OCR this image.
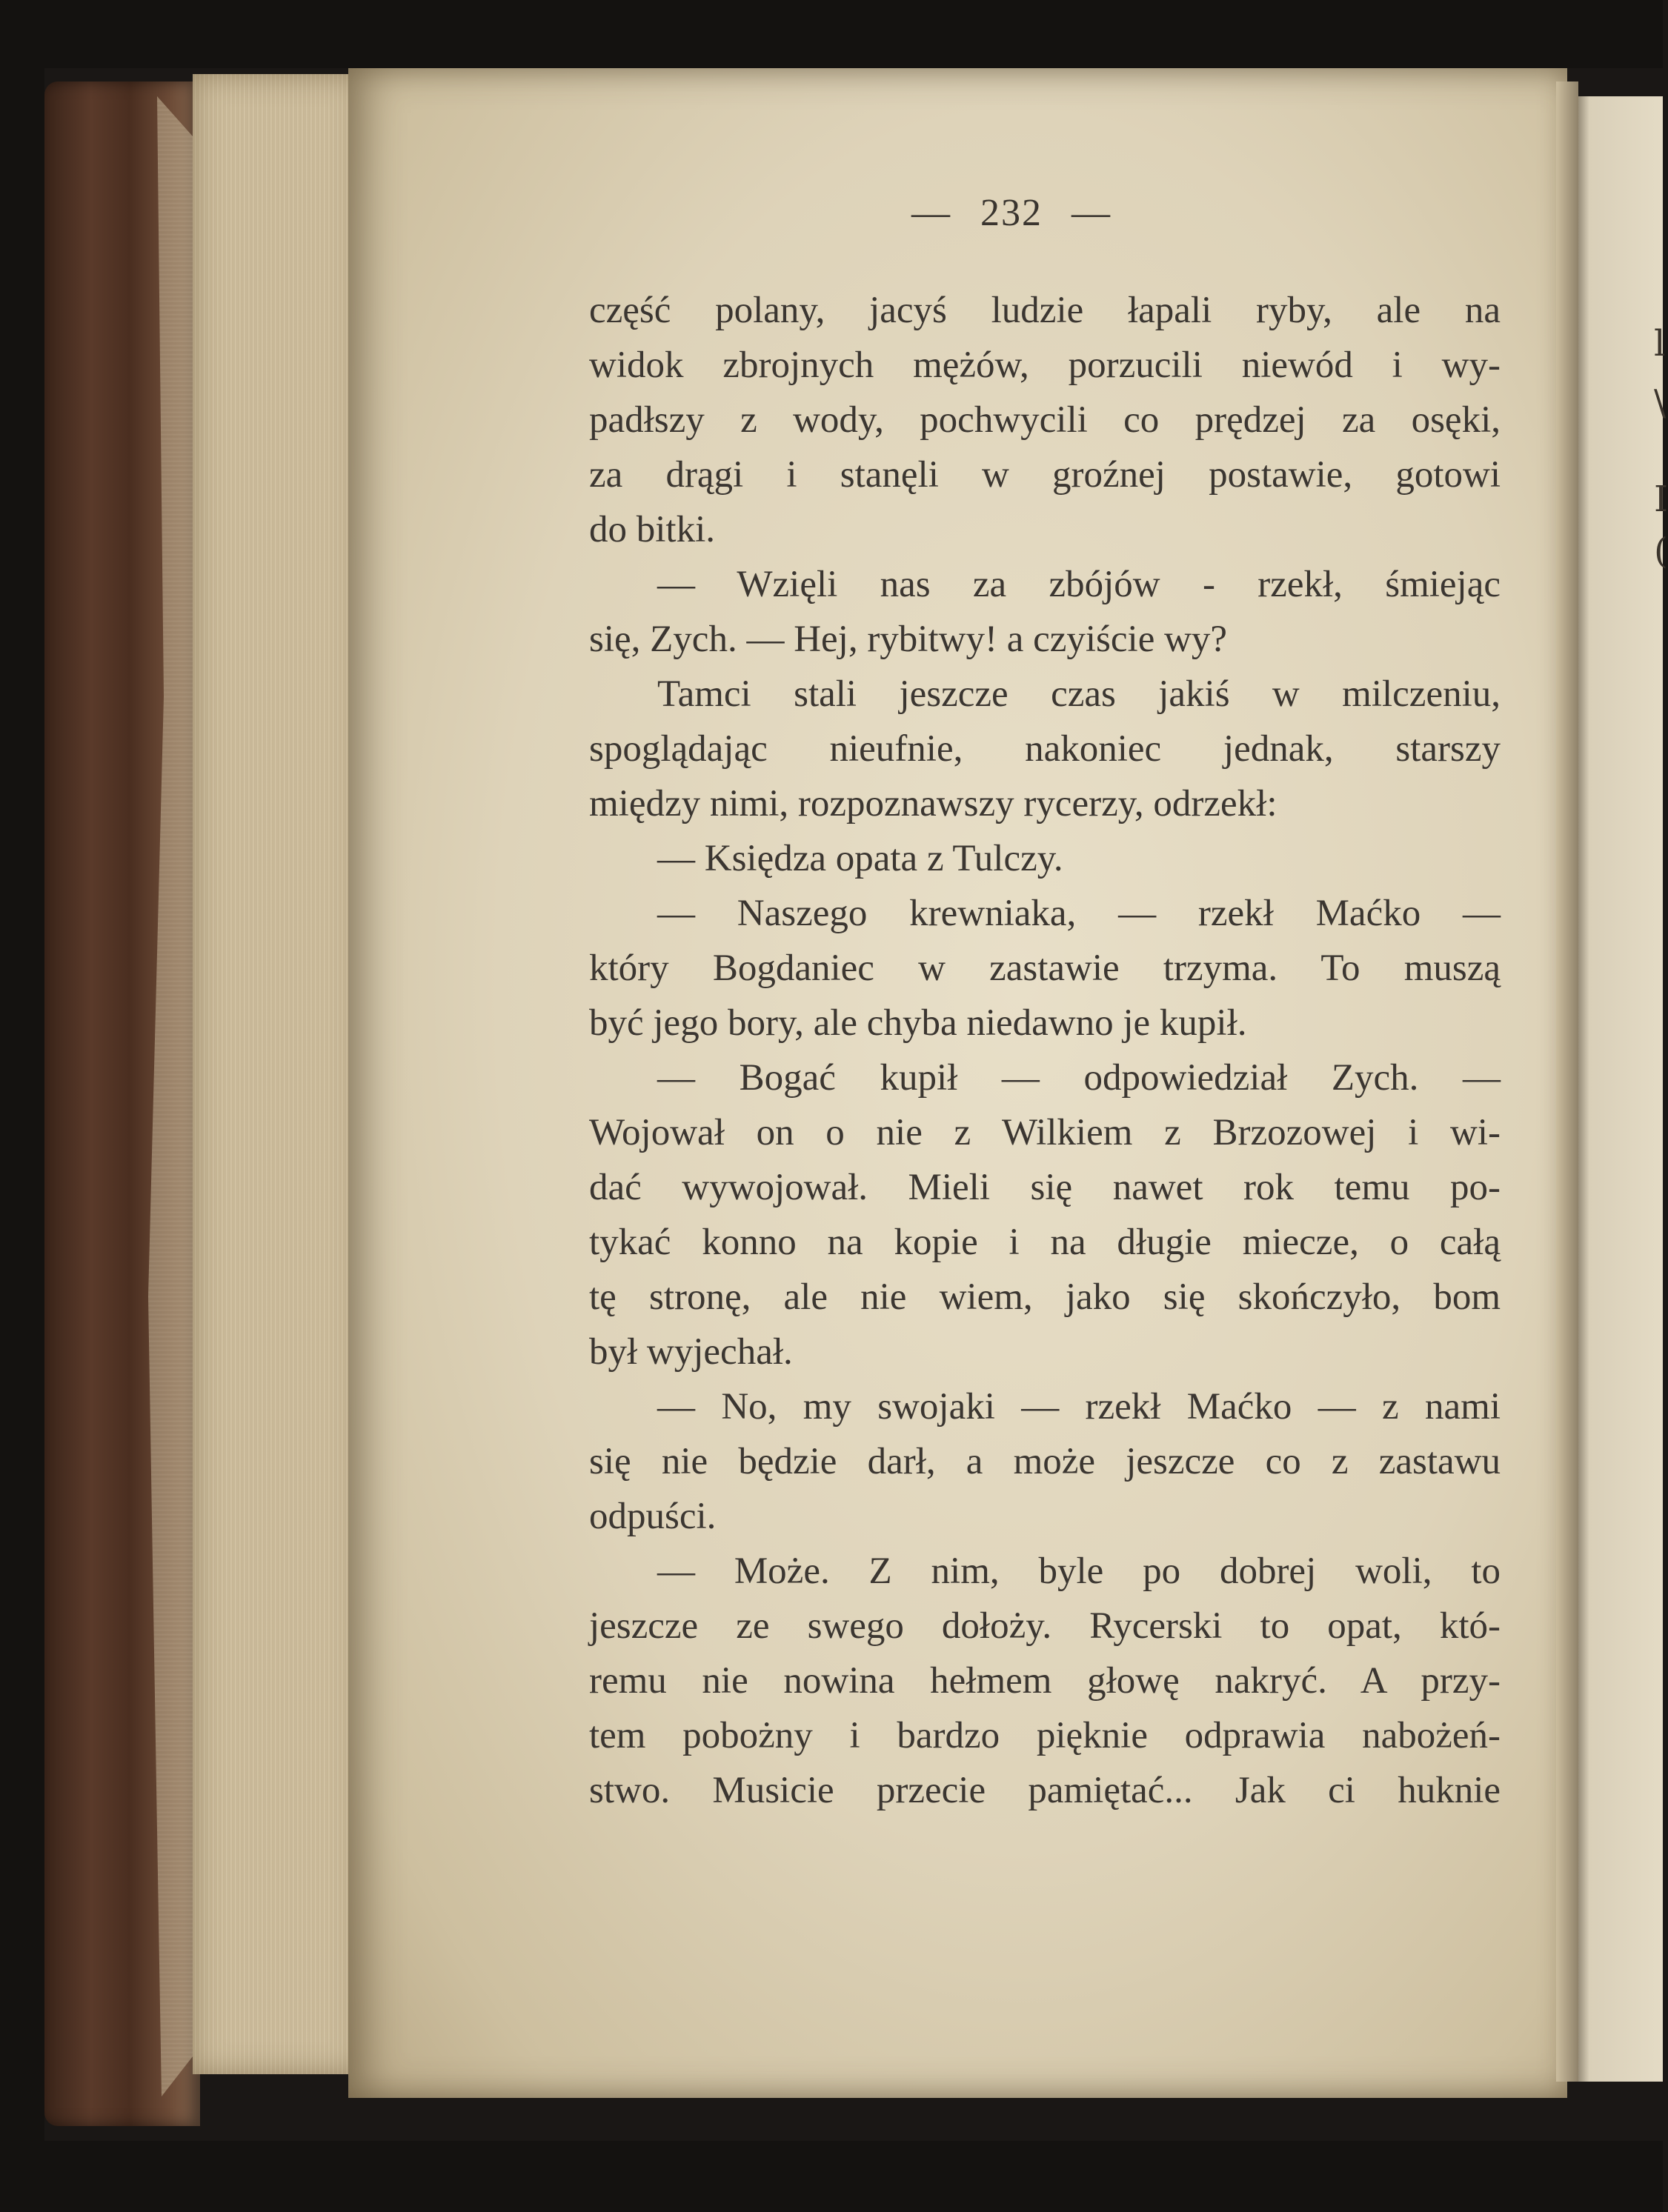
l
\
I
(
— 232 —
część polany, jacyś ludzie łapali ryby, ale na
widok zbrojnych mężów, porzucili niewód i wy-
padłszy z wody, pochwycili co prędzej za osęki,
za drągi i stanęli w groźnej postawie, gotowi
do bitki.
— Wzięli nas za zbójów - rzekł, śmiejąc
się, Zych. — Hej, rybitwy! a czyiście wy?
Tamci stali jeszcze czas jakiś w milczeniu,
spoglądając nieufnie, nakoniec jednak, starszy
między nimi, rozpoznawszy rycerzy, odrzekł:
— Księdza opata z Tulczy.
— Naszego krewniaka, — rzekł Maćko —
który Bogdaniec w zastawie trzyma. To muszą
być jego bory, ale chyba niedawno je kupił.
— Bogać kupił — odpowiedział Zych. —
Wojował on o nie z Wilkiem z Brzozowej i wi-
dać wywojował. Mieli się nawet rok temu po-
tykać konno na kopie i na długie miecze, o całą
tę stronę, ale nie wiem, jako się skończyło, bom
był wyjechał.
— No, my swojaki — rzekł Maćko — z nami
się nie będzie darł, a może jeszcze co z zastawu
odpuści.
— Może. Z nim, byle po dobrej woli, to
jeszcze ze swego dołoży. Rycerski to opat, któ-
remu nie nowina hełmem głowę nakryć. A przy-
tem pobożny i bardzo pięknie odprawia nabożeń-
stwo. Musicie przecie pamiętać... Jak ci huknie
